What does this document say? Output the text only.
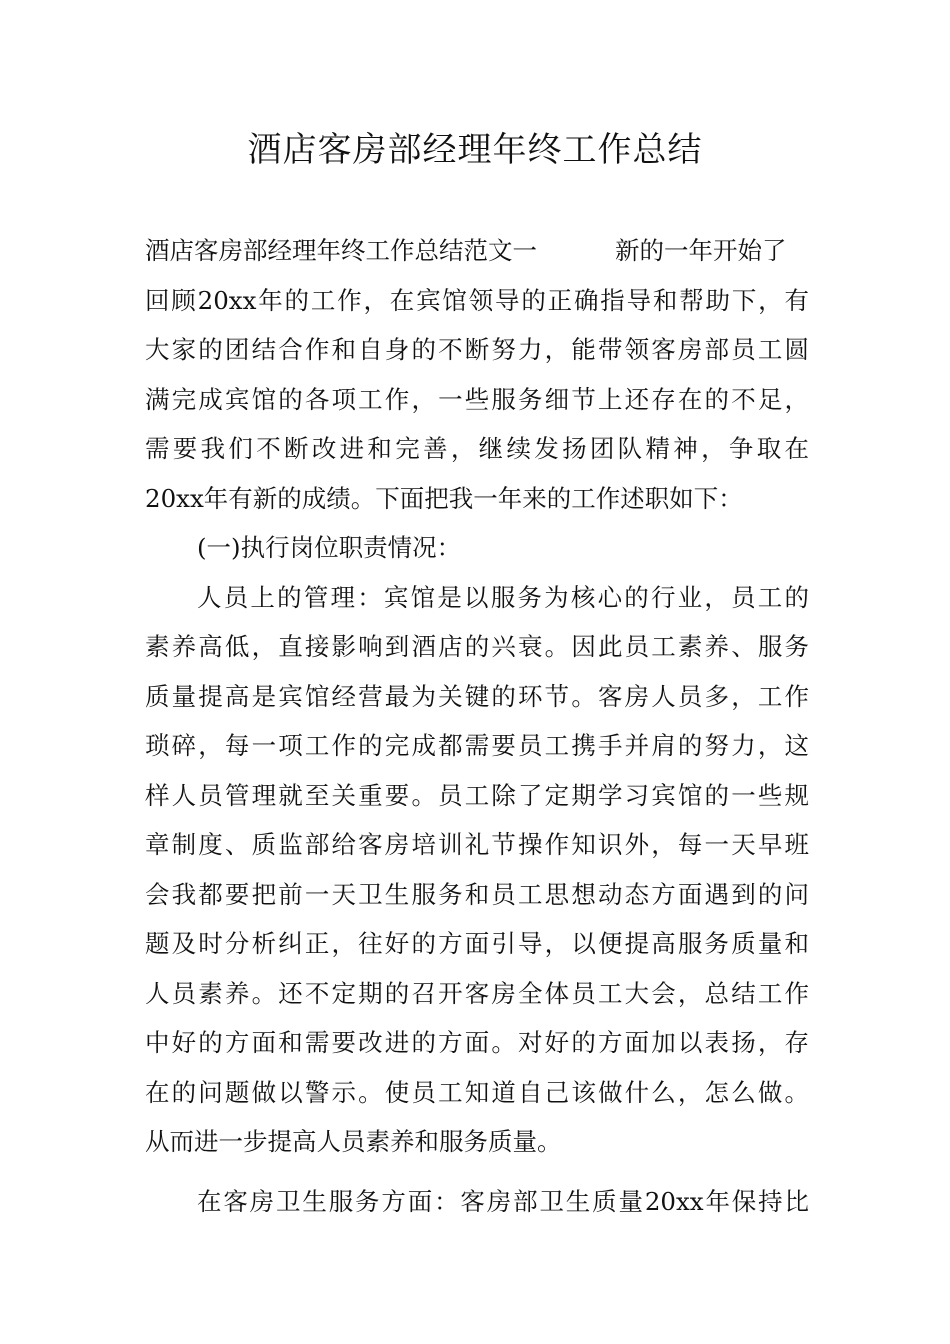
酒店客房部经理年终工作总结
酒店客房部经理年终工作总结范文一	新的一年开始了
回顾20xx年的工作，在宾馆领导的正确指导和帮助下，有
大家的团结合作和自身的不断努力，能带领客房部员工圆
满完成宾馆的各项工作，一些服务细节上还存在的不足，
需要我们不断改进和完善，继续发扬团队精神，争取在
20xx年有新的成绩。下面把我一年来的工作述职如下：
(一)执行岗位职责情况：
人员上的管理：宾馆是以服务为核心的行业，员工的
素养高低，直接影响到酒店的兴衰。因此员工素养、服务
质量提高是宾馆经营最为关键的环节。客房人员多，工作
琐碎，每一项工作的完成都需要员工携手并肩的努力，这
样人员管理就至关重要。员工除了定期学习宾馆的一些规
章制度、质监部给客房培训礼节操作知识外，每一天早班
会我都要把前一天卫生服务和员工思想动态方面遇到的问
题及时分析纠正，往好的方面引导，以便提高服务质量和
人员素养。还不定期的召开客房全体员工大会，总结工作
中好的方面和需要改进的方面。对好的方面加以表扬，存
在的问题做以警示。使员工知道自己该做什么，怎么做。
从而进一步提高人员素养和服务质量。
在客房卫生服务方面：客房部卫生质量20xx年保持比
